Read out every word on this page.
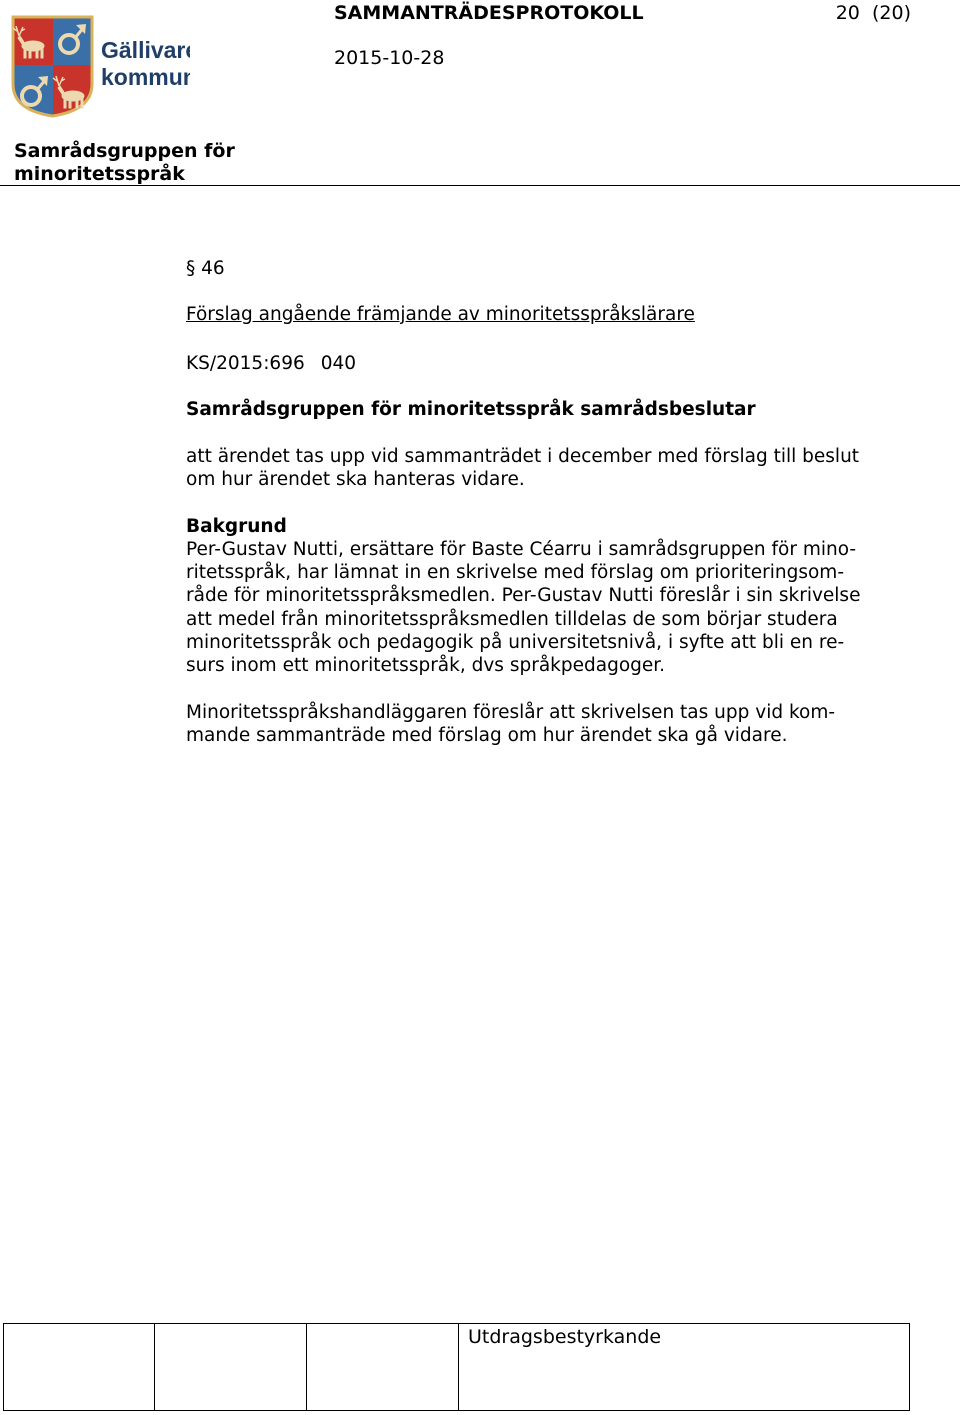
Gällivare
kommun
SAMMANTRÄDESPROTOKOLL	20 (20)
2015-10-28
Samrådsgruppen för
minoritetsspråk
§ 46
Förslag angående främjande av minoritetsspråkslärare
KS/2015:696 040
Samrådsgruppen för minoritetsspråk samrådsbeslutar
att ärendet tas upp vid sammanträdet i december med förslag till beslut
om hur ärendet ska hanteras vidare.
Bakgrund
Per-Gustav Nutti, ersättare för Baste Céarru i samrådsgruppen för mino-
ritetsspråk, har lämnat in en skrivelse med förslag om prioriteringsom-
råde för minoritetsspråksmedlen. Per-Gustav Nutti föreslår i sin skrivelse
att medel från minoritetsspråksmedlen tilldelas de som börjar studera
minoritetsspråk och pedagogik på universitetsnivå, i syfte att bli en re-
surs inom ett minoritetsspråk, dvs språkpedagoger.
Minoritetsspråkshandläggaren föreslår att skrivelsen tas upp vid kom-
mande sammanträde med förslag om hur ärendet ska gå vidare.
Utdragsbestyrkande
